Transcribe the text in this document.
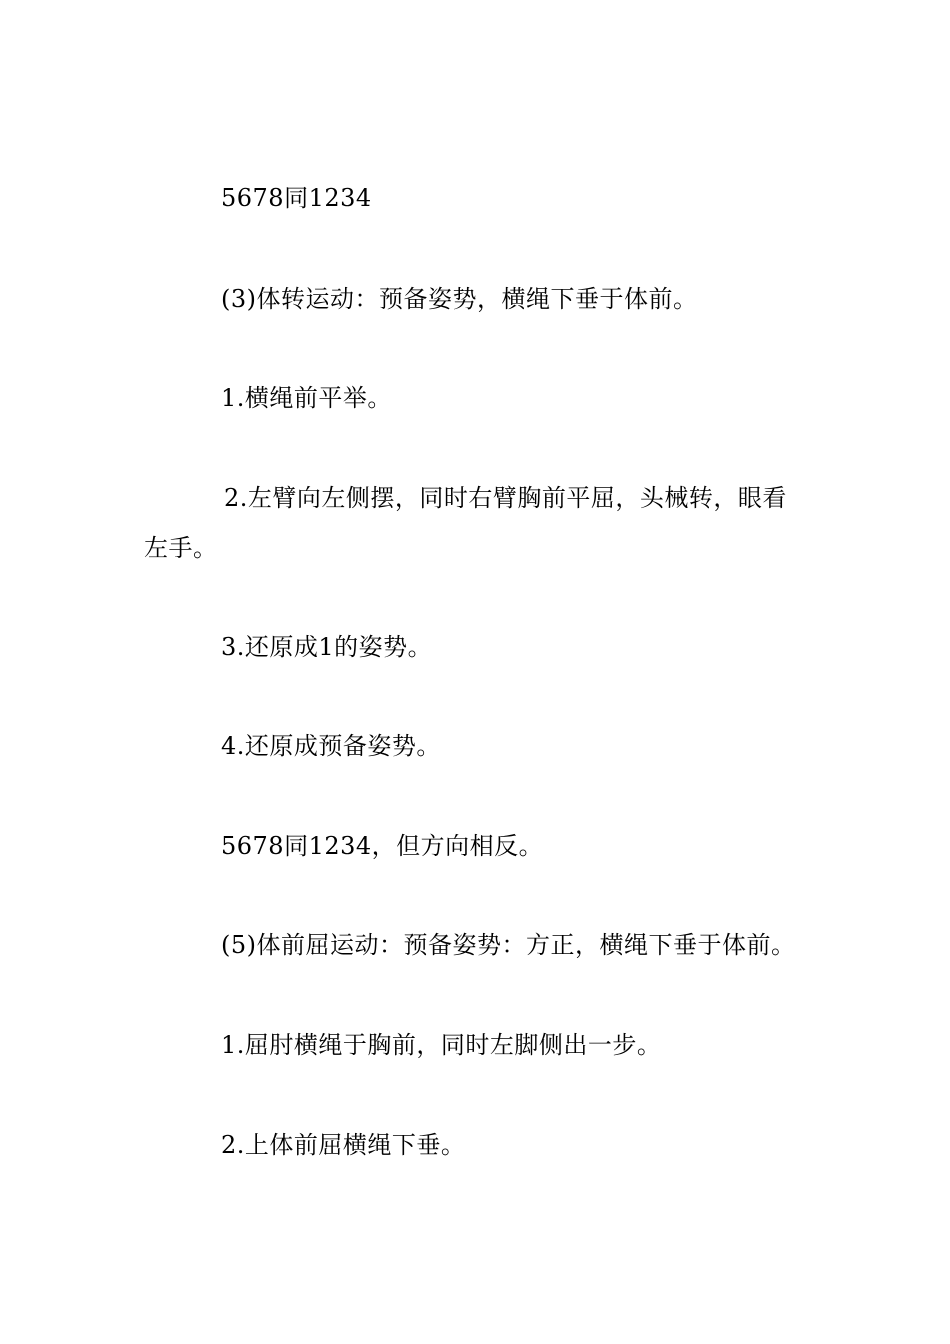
5678同1234

(3)体转运动：预备姿势，横绳下垂于体前。

1.横绳前平举。

2.左臂向左侧摆，同时右臂胸前平屈，头械转，眼看左手。

3.还原成1的姿势。

4.还原成预备姿势。

5678同1234，但方向相反。

(5)体前屈运动：预备姿势：方正，横绳下垂于体前。

1.屈肘横绳于胸前，同时左脚侧出一步。

2.上体前屈横绳下垂。
